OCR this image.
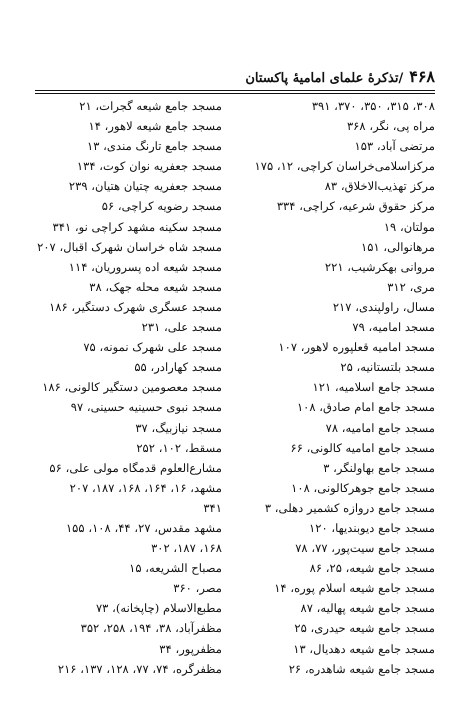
۴۶۸
/تذکرهٔ علمای امامیهٔ پاکستان
۳۰۸، ۳۱۵، ۳۵۰، ۳۷۰، ۳۹۱
مراه پی، نگر، ۳۶۸
مرتضی آباد، ۱۵۳
مرکزاسلامی‌خراسان کراچی، ۱۲، ۱۷۵
مرکز تهذیب‌الاخلاق، ۸۳
مرکز حقوق شرعیه، کراچی، ۳۳۴
مولتان، ۱۹
مرهانوالی، ۱۵۱
مروانی بهکرشیب، ۲۲۱
مری، ۳۱۲
مسال، راولپندی، ۲۱۷
مسجد امامیه، ۷۹
مسجد امامیه قعلپوره لاهور، ۱۰۷
مسجد بلتستانیه، ۲۵
مسجد جامع اسلامیه، ۱۲۱
مسجد جامع امام صادق، ۱۰۸
مسجد جامع امامیه، ۷۸
مسجد جامع امامیه کالونی، ۶۶
مسجد جامع بهاولنگر، ۳
مسجد جامع جوهرکالونی، ۱۰۸
مسجد جامع دروازه کشمیر دهلی، ۳
مسجد جامع دیوبندیها، ۱۲۰
مسجد جامع سیت‌پور، ۷۷، ۷۸
مسجد جامع شیعه، ۲۵، ۸۶
مسجد جامع شیعه اسلام پوره، ۱۴
مسجد جامع شیعه پهالیه، ۸۷
مسجد جامع شیعه حیدری، ۲۵
مسجد جامع شیعه دهدیال، ۱۳
مسجد جامع شیعه شاهدره، ۲۶
مسجد جامع شیعه گجرات، ۲۱
مسجد جامع شیعه لاهور، ۱۴
مسجد جامع تارنگ مندی، ۱۳
مسجد جعفریه نوان کوت، ۱۳۴
مسجد جعفریه چتیان هتیان، ۲۳۹
مسجد رضویه کراچی، ۵۶
مسجد سکینه مشهد کراچی نو، ۳۴۱
مسجد شاه خراسان شهرک اقبال، ۲۰۷
مسجد شیعه اده پسروریان، ۱۱۴
مسجد شیعه محله جهک، ۳۸
مسجد عسگری شهرک دستگیر، ۱۸۶
مسجد علی، ۲۳۱
مسجد علی شهرک نمونه، ۷۵
مسجد کهارادر، ۵۵
مسجد معصومین دستگیر کالونی، ۱۸۶
مسجد نبوی حسینیه حسینی، ۹۷
مسجد نیازبیگ، ۳۷
مسقط، ۱۰۲، ۲۵۲
مشارع‌العلوم قدمگاه مولی علی، ۵۶
مشهد، ۱۶، ۱۶۴، ۱۶۸، ۱۸۷، ۲۰۷
۳۴۱
مشهد مقدس، ۲۷، ۴۴، ۱۰۸، ۱۵۵
۱۶۸، ۱۸۷، ۳۰۲
مصباح الشریعه، ۱۵
مصر، ۳۶۰
مطبع‌الاسلام (چاپخانه)، ۷۳
مظفرآباد، ۳۸، ۱۹۴، ۲۵۸، ۳۵۲
مظفرپور، ۳۴
مظفرگره، ۷۴، ۷۷، ۱۲۸، ۱۳۷، ۲۱۶
